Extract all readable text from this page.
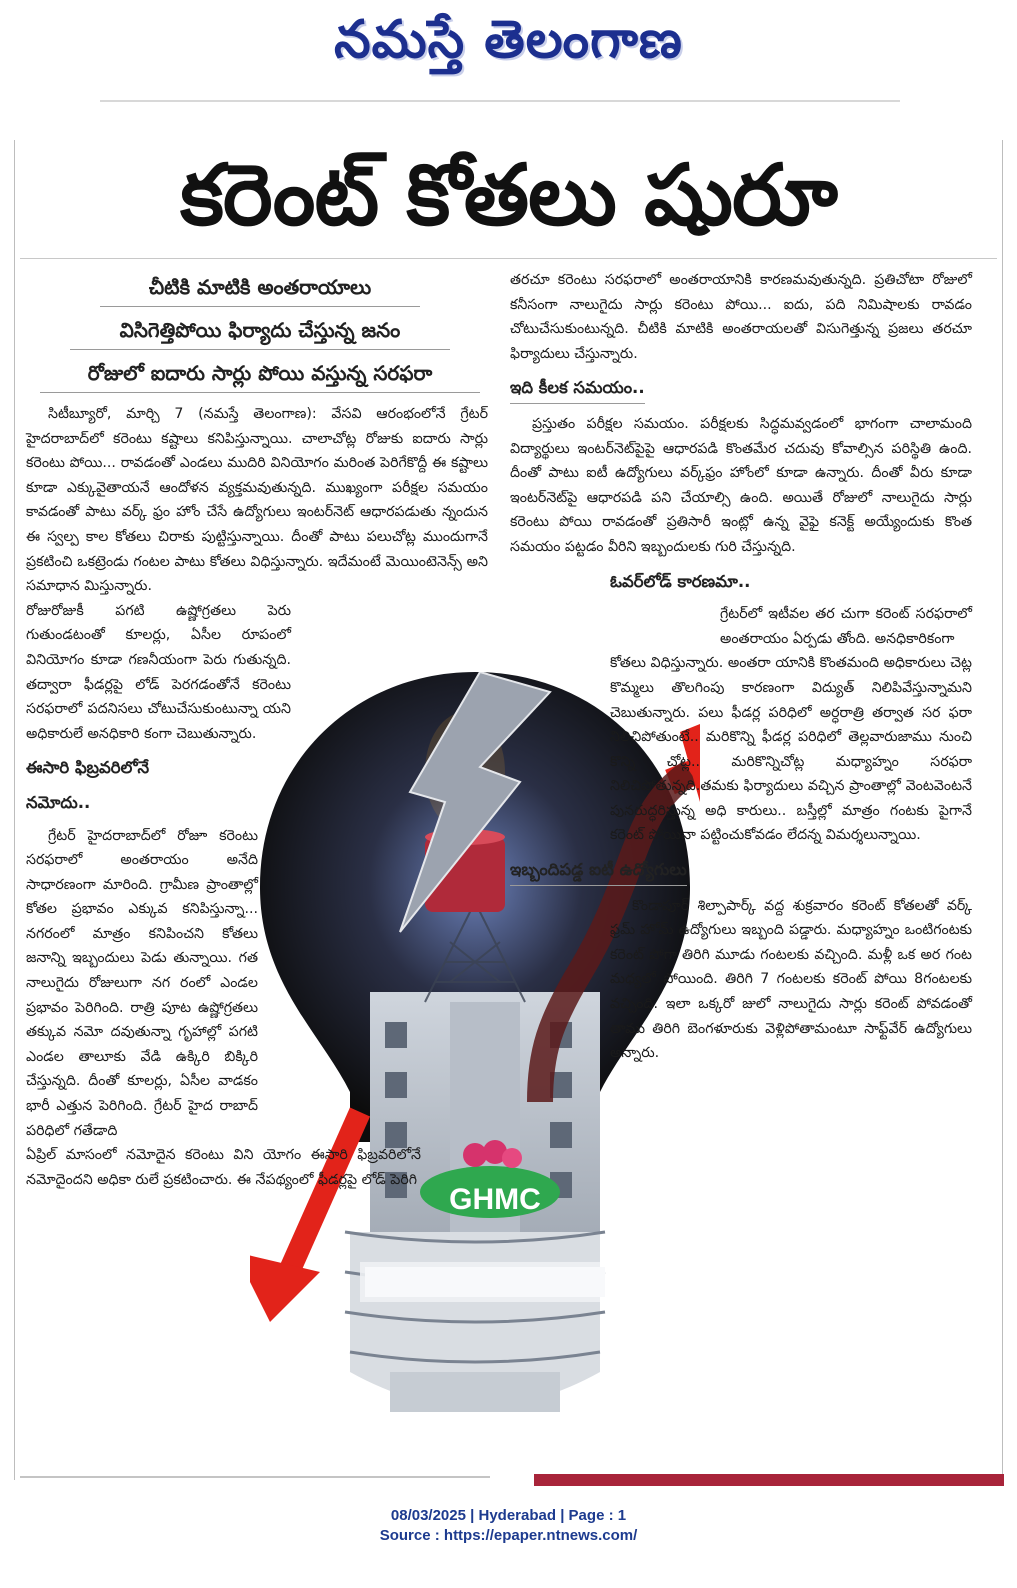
నమస్తే తెలంగాణ
కరెంట్ కోతలు షురూ
చీటికి మాటికి అంతరాయాలు
విసిగెత్తిపోయి ఫిర్యాదు చేస్తున్న జనం
రోజులో ఐదారు సార్లు పోయి వస్తున్న సరఫరా
GHMC

సిటీబ్యూరో, మార్చి 7 (నమస్తే తెలంగాణ): వేసవి ఆరంభంలోనే గ్రేటర్ హైదరాబాద్‌లో కరెంటు కష్టాలు కనిపిస్తున్నాయి. చాలాచోట్ల రోజుకు ఐదారు సార్లు కరెంటు పోయి... రావడంతో ఎండలు ముదిరి వినియోగం మరింత పెరిగేకొద్దీ ఈ కష్టాలు కూడా ఎక్కువైతాయనే ఆందోళన వ్యక్తమవుతున్నది. ముఖ్యంగా పరీక్షల సమయం కావడంతో పాటు వర్క్ ఫ్రం హోం చేసే ఉద్యోగులు ఇంటర్‌నెట్ ఆధారపడుతు న్నందున ఈ స్వల్ప కాల కోతలు చిరాకు పుట్టిస్తున్నాయి. దీంతో పాటు పలుచోట్ల ముందుగానే ప్రకటించి ఒకట్రెండు గంటల పాటు కోతలు విధిస్తున్నారు. ఇదేమంటే మెయింటెనెన్స్ అని సమాధాన మిస్తున్నారు.

రోజురోజుకీ పగటి ఉష్ణోగ్రతలు పెరు గుతుండటంతో కూలర్లు, ఏసీల రూపంలో వినియోగం కూడా గణనీయంగా పెరు గుతున్నది. తద్వారా ఫీడర్లపై లోడ్ పెరగడంతోనే కరెంటు సరఫరాలో పదనిసలు చోటుచేసుకుంటున్నా యని అధికారులే అనధికారి కంగా చెబుతున్నారు.

ఈసారి ఫిబ్రవరిలోనే
నమోదు..

గ్రేటర్ హైదరాబాద్‌లో రోజూ కరెంటు సరఫరాలో అంతరాయం అనేది సాధారణంగా మారింది. గ్రామీణ ప్రాంతాల్లో కోతల ప్రభావం ఎక్కువ కనిపిస్తున్నా... నగరంలో మాత్రం కనిపించని కోతలు జనాన్ని ఇబ్బందులు పెడు తున్నాయి. గత నాలుగైదు రోజులుగా నగ రంలో ఎండల ప్రభావం పెరిగింది. రాత్రి పూట ఉష్ణోగ్రతలు తక్కువ నమో దవుతున్నా గృహాల్లో పగటి ఎండల తాలూకు వేడి ఉక్కిరి బిక్కిరి చేస్తున్నది. దీంతో కూలర్లు, ఏసీల వాడకం భారీ ఎత్తున పెరిగింది. గ్రేటర్ హైద రాబాద్ పరిధిలో గతేడాది

ఏప్రిల్ మాసంలో నమోదైన కరెంటు విని యోగం ఈసారి ఫిబ్రవరిలోనే నమోదైందని అధికా రులే ప్రకటించారు. ఈ నేపథ్యంలో ఫీడర్లపై లోడ్ పెరిగి

తరచూ కరెంటు సరఫరాలో అంతరాయానికి కారణమవుతున్నది. ప్రతిచోటా రోజులో కనీసంగా నాలుగైదు సార్లు కరెంటు పోయి... ఐదు, పది నిమిషాలకు రావడం చోటుచేసుకుంటున్నది. చీటికి మాటికి అంతరాయలతో విసుగెత్తున్న ప్రజలు తరచూ ఫిర్యాదులు చేస్తున్నారు.

ఇది కీలక సమయం..

ప్రస్తుతం పరీక్షల సమయం. పరీక్షలకు సిద్ధమవ్వడంలో భాగంగా చాలామంది విద్యార్థులు ఇంటర్‌నెట్‌పైపై ఆధారపడి కొంతమేర చదువు కోవాల్సిన పరిస్థితి ఉంది. దీంతో పాటు ఐటీ ఉద్యోగులు వర్క్‌ఫ్రం హోంలో కూడా ఉన్నారు. దీంతో వీరు కూడా ఇంటర్‌నెట్‌పై ఆధారపడి పని చేయాల్సి ఉంది. అయితే రోజులో నాలుగైదు సార్లు కరెంటు పోయి రావడంతో ప్రతిసారీ ఇంట్లో ఉన్న వైఫై కనెక్ట్ అయ్యేందుకు కొంత సమయం పట్టడం వీరిని ఇబ్బందులకు గురి చేస్తున్నది.

ఓవర్‌లోడ్ కారణమా..

గ్రేటర్‌లో ఇటీవల తర చుగా కరెంట్ సరఫరాలో అంతరాయం ఏర్పడు తోంది. అనధికారికంగా

కోతలు విధిస్తున్నారు. అంతరా యానికి కొంతమంది అధికారులు చెట్ల కొమ్మలు తొలగింపు కారణంగా విద్యుత్ నిలిపివేస్తున్నామని చెబుతున్నారు. పలు ఫీడర్ల పరిధిలో అర్ధరాత్రి తర్వాత సర ఫరా నిలిచిపోతుంటే.. మరికొన్ని ఫీడర్ల పరిధిలో తెల్లవారుజాము నుంచి కొన్ని చోట్ల.. మరికొన్నిచోట్ల మధ్యాహ్నం సరఫరా నిలిచిపోతున్నది.తమకు ఫిర్యాదులు వచ్చిన ప్రాంతాల్లో వెంటవెంటనే పునరుద్ధరిస్తున్న అధి కారులు.. బస్తీల్లో మాత్రం గంటకు పైగానే కరెంట్ పోయినా పట్టించుకోవడం లేదన్న విమర్శలున్నాయి.

ఇబ్బందిపడ్డ ఐటీ ఉద్యోగులు

కొండాపూర్ శిల్పాపార్క్ వద్ద శుక్రవారం కరెంట్ కోతలతో వర్క్ ఫ్రమ్ హోమ్ ఉద్యోగులు ఇబ్బంది పడ్డారు. మధ్యాహ్నం ఒంటిగంటకు కరెంట్ పోగా తిరిగి మూడు గంటలకు వచ్చింది. మళ్లీ ఒక అర గంట మధ్యలో పోయింది. తిరిగి 7 గంటలకు కరెంట్ పోయి 8గంటలకు వచ్చింది. ఇలా ఒక్కరో జులో నాలుగైదు సార్లు కరెంట్ పోవడంతో తాము తిరిగి బెంగళూరుకు వెళ్లిపోతామంటూ సాఫ్ట్‌వేర్ ఉద్యోగులు అన్నారు.

08/03/2025 | Hyderabad | Page : 1
Source : https://epaper.ntnews.com/
